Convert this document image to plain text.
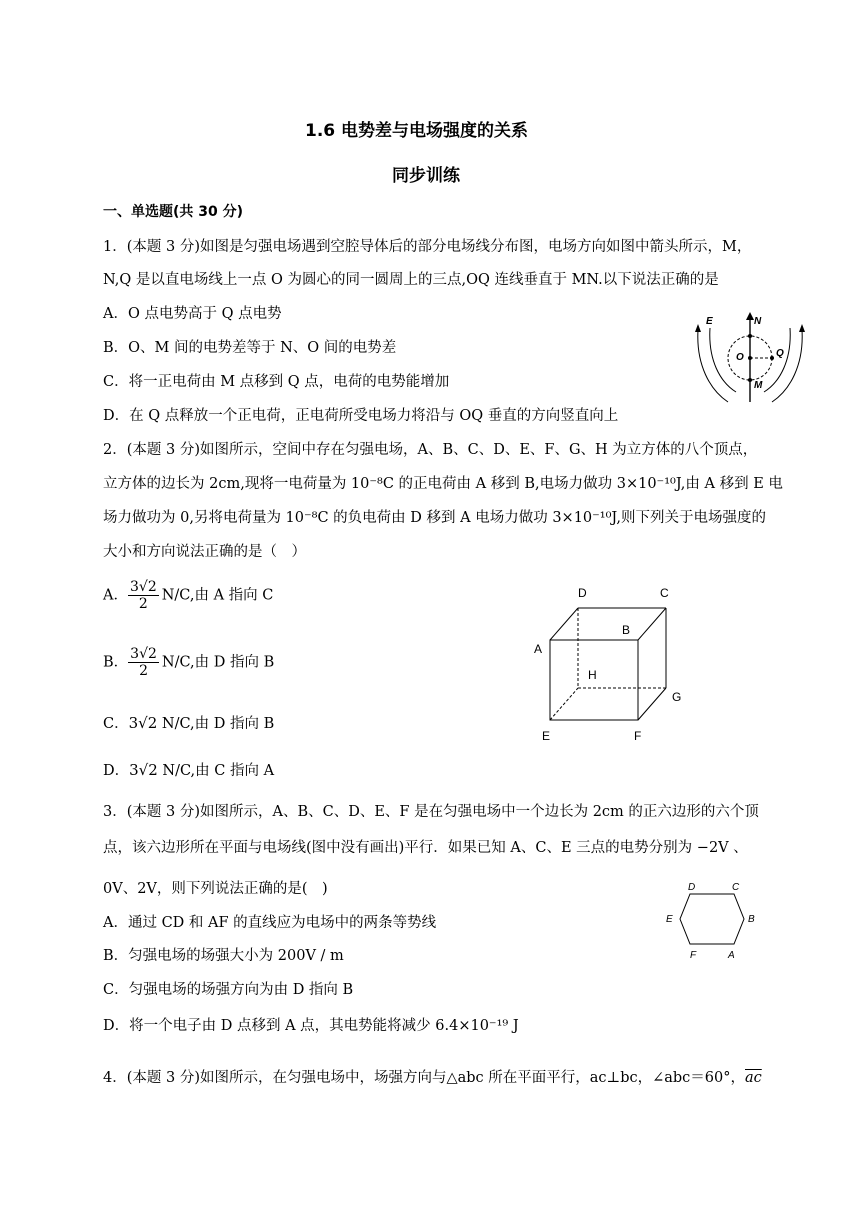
1.6 电势差与电场强度的关系
同步训练
一、单选题(共 30 分)
1．(本题 3 分)如图是匀强电场遇到空腔导体后的部分电场线分布图，电场方向如图中箭头所示，M，
N,Q 是以直电场线上一点 O 为圆心的同一圆周上的三点,OQ 连线垂直于 MN.以下说法正确的是
A．O 点电势高于 Q 点电势
B．O、M 间的电势差等于 N、O 间的电势差
C．将一正电荷由 M 点移到 Q 点，电荷的电势能增加
D．在 Q 点释放一个正电荷，正电荷所受电场力将沿与 OQ 垂直的方向竖直向上
E	N
O	Q
M
2．(本题 3 分)如图所示，空间中存在匀强电场，A、B、C、D、E、F、G、H 为立方体的八个顶点，
立方体的边长为 2cm,现将一电荷量为 10⁻⁸C 的正电荷由 A 移到 B,电场力做功 3×10⁻¹⁰J,由 A 移到 E 电
场力做功为 0,另将电荷量为 10⁻⁸C 的负电荷由 D 移到 A 电场力做功 3×10⁻¹⁰J,则下列关于电场强度的
大小和方向说法正确的是（　）
A． $\frac{3√2}{2} N/C$,由 A 指向 C
B． $\frac{3√2}{2} N/C$,由 D 指向 B
C．3√2 N/C,由 D 指向 B
D．3√2 N/C,由 C 指向 A
D	C
A
B
H
G
E	F
3．(本题 3 分)如图所示，A、B、C、D、E、F 是在匀强电场中一个边长为 2cm 的正六边形的六个顶
点，该六边形所在平面与电场线(图中没有画出)平行．如果已知 A、C、E 三点的电势分别为 −2V 、
0V、2V，则下列说法正确的是(　)
A．通过 CD 和 AF 的直线应为电场中的两条等势线
B．匀强电场的场强大小为 200V / m
C．匀强电场的场强方向为由 D 指向 B
D．将一个电子由 D 点移到 A 点，其电势能将减少 6.4×10⁻¹⁹ J
D	C
E	B
F	A
4．(本题 3 分)如图所示，在匀强电场中，场强方向与△abc 所在平面平行，ac⊥bc，∠abc＝60°，$\overline{ac}$
